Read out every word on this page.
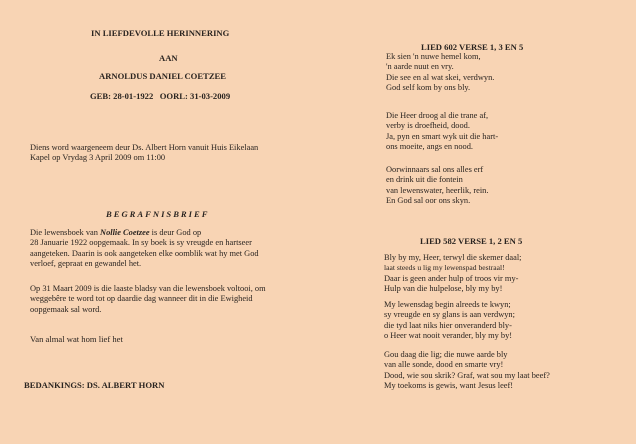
IN LIEFDEVOLLE HERINNERING
AAN
ARNOLDUS DANIEL COETZEE
GEB: 28-01-1922   OORL: 31-03-2009
Diens word waargeneem deur Ds. Albert Horn vanuit Huis Eikelaan
Kapel op Vrydag 3 April 2009 om 11:00
BEGRAFNISBRIEF
Die lewensboek van Nollie Coetzee is deur God op
28 Januarie 1922 oopgemaak. In sy boek is sy vreugde en hartseer
aangeteken. Daarin is ook aangeteken elke oomblik wat hy met God
verloef, gepraat en gewandel het.
Op 31 Maart 2009 is die laaste bladsy van die lewensboek voltooi, om
weggebêre te word tot op daardie dag wanneer dit in die Ewigheid
oopgemaak sal word.
Van almal wat hom lief het
BEDANKINGS: DS. ALBERT HORN
LIED 602 VERSE 1, 3 EN 5
Ek sien 'n nuwe hemel kom,
'n aarde nuut en vry.
Die see en al wat skei, verdwyn.
God self kom by ons bly.
Die Heer droog al die trane af,
verby is droefheid, dood.
Ja, pyn en smart wyk uit die hart-
ons moeite, angs en nood.
Oorwinnaars sal ons alles erf
en drink uit die fontein
van lewenswater, heerlik, rein.
En God sal oor ons skyn.
LIED 582 VERSE 1, 2 EN 5
Bly by my, Heer, terwyl die skemer daal;
laat steeds u lig my lewenspad bestraal!
Daar is geen ander hulp of troos vir my-
Hulp van die hulpelose, bly my by!
My lewensdag begin alreeds te kwyn;
sy vreugde en sy glans is aan verdwyn;
die tyd laat niks hier onveranderd bly-
o Heer wat nooit verander, bly my by!
Gou daag die lig; die nuwe aarde bly
van alle sonde, dood en smarte vry!
Dood, wie sou skrik? Graf, wat sou my laat beef?
My toekoms is gewis, want Jesus leef!
